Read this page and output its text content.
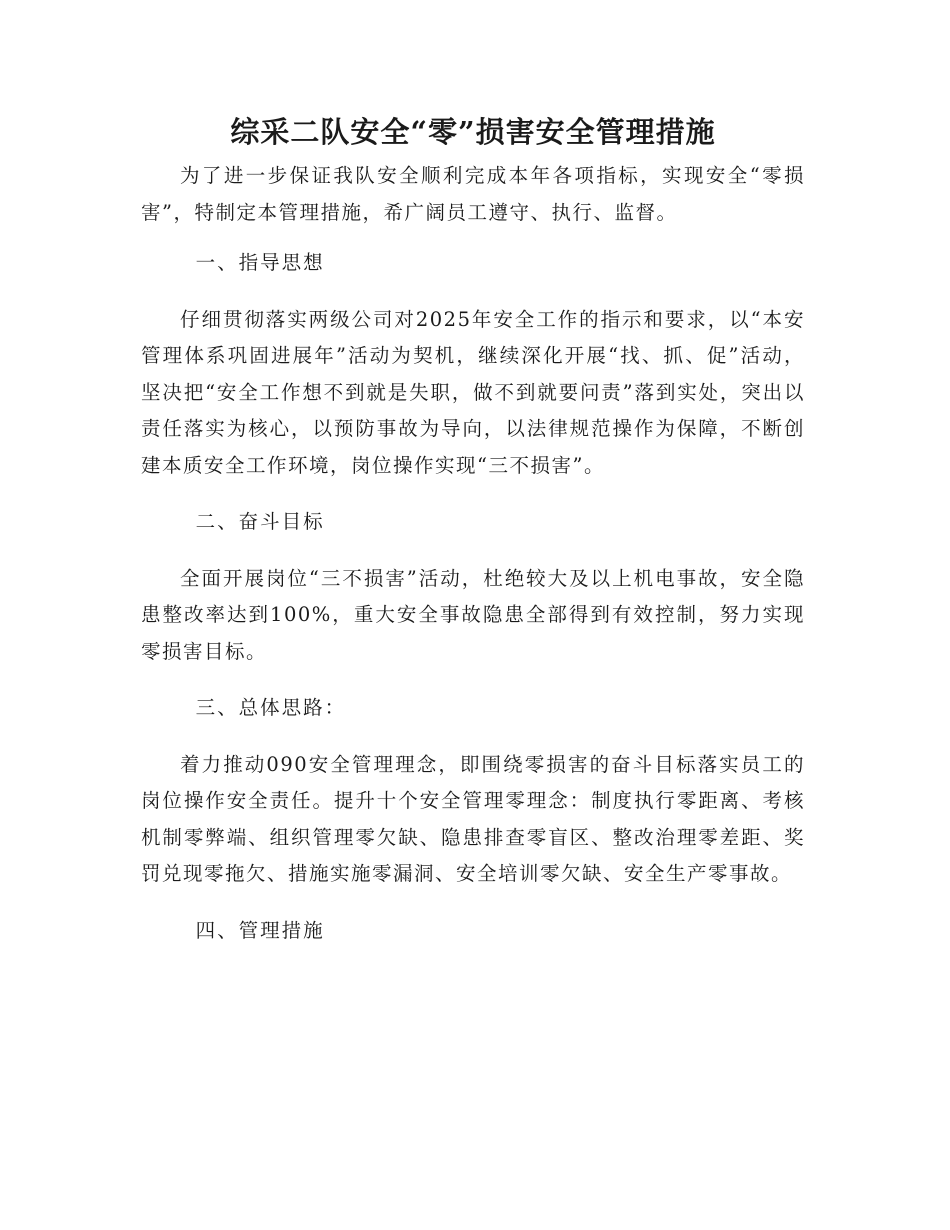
综采二队安全“零”损害安全管理措施

为了进一步保证我队安全顺利完成本年各项指标，实现安全“零损害”，特制定本管理措施，希广阔员工遵守、执行、监督。

一、指导思想

仔细贯彻落实两级公司对2025年安全工作的指示和要求，以“本安管理体系巩固进展年”活动为契机，继续深化开展“找、抓、促”活动，坚决把“安全工作想不到就是失职，做不到就要问责”落到实处，突出以责任落实为核心，以预防事故为导向，以法律规范操作为保障，不断创建本质安全工作环境，岗位操作实现“三不损害”。

二、奋斗目标

全面开展岗位“三不损害”活动，杜绝较大及以上机电事故，安全隐患整改率达到100%，重大安全事故隐患全部得到有效控制，努力实现零损害目标。

三、总体思路：

着力推动090安全管理理念，即围绕零损害的奋斗目标落实员工的岗位操作安全责任。提升十个安全管理零理念：制度执行零距离、考核机制零弊端、组织管理零欠缺、隐患排查零盲区、整改治理零差距、奖罚兑现零拖欠、措施实施零漏洞、安全培训零欠缺、安全生产零事故。

四、管理措施
